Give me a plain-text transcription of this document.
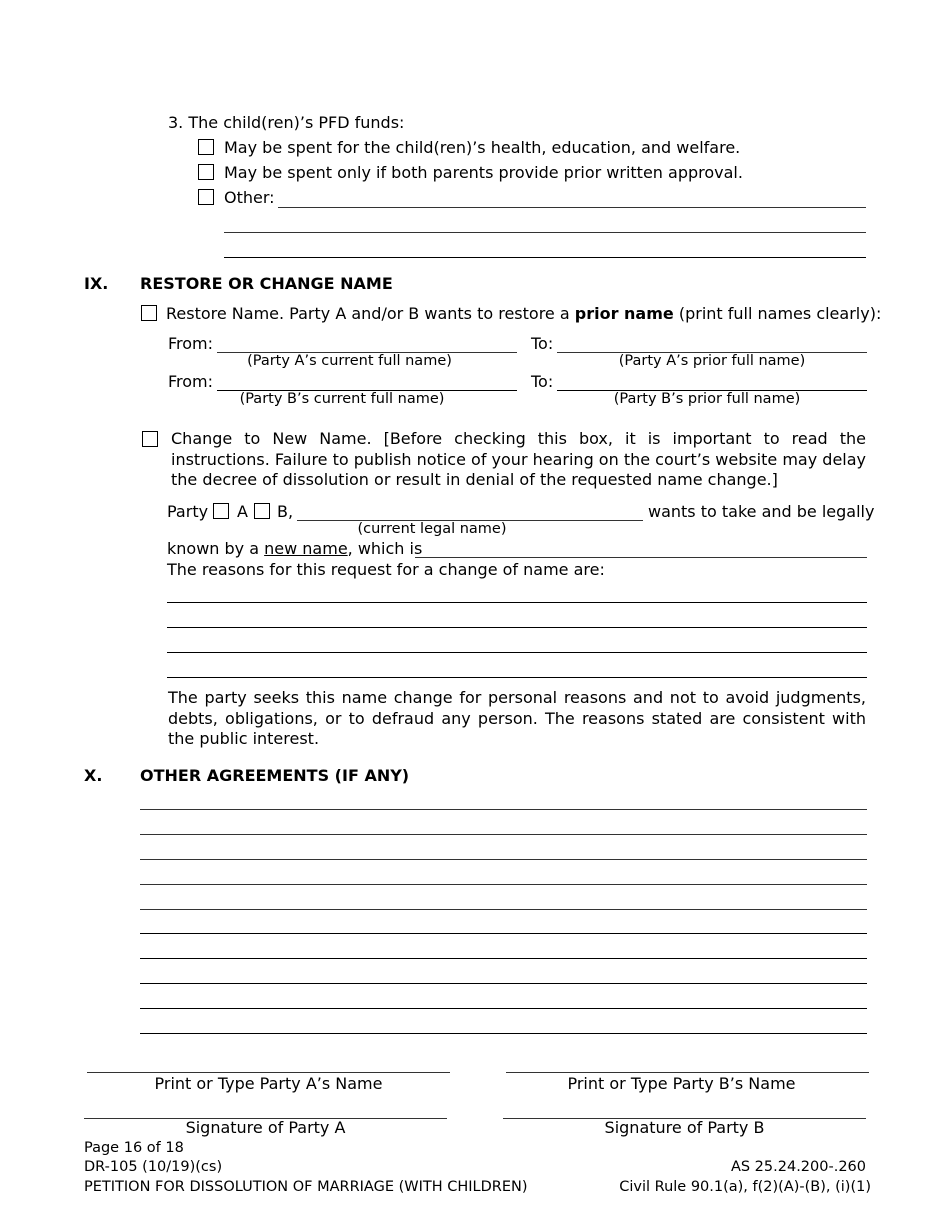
3. The child(ren)’s PFD funds:
May be spent for the child(ren)’s health, education, and welfare.
May be spent only if both parents provide prior written approval.
Other:
IX. RESTORE OR CHANGE NAME
Restore Name. Party A and/or B wants to restore a prior name (print full names clearly):
From:
(Party A’s current full name)
To:
(Party A’s prior full name)
From:
(Party B’s current full name)
To:
(Party B’s prior full name)
Change to New Name. [Before checking this box, it is important to read the instructions. Failure to publish notice of your hearing on the court’s website may delay the decree of dissolution or result in denial of the requested name change.]
Party A B,
(current legal name)
wants to take and be legally
known by a new name, which is
The reasons for this request for a change of name are:
The party seeks this name change for personal reasons and not to avoid judgments, debts, obligations, or to defraud any person. The reasons stated are consistent with the public interest.
X. OTHER AGREEMENTS (IF ANY)
Print or Type Party A’s Name	Print or Type Party B’s Name
Signature of Party A	Signature of Party B
Page 16 of 18
DR-105 (10/19)(cs)
PETITION FOR DISSOLUTION OF MARRIAGE (WITH CHILDREN)
AS 25.24.200-.260
Civil Rule 90.1(a), f(2)(A)-(B), (i)(1)
